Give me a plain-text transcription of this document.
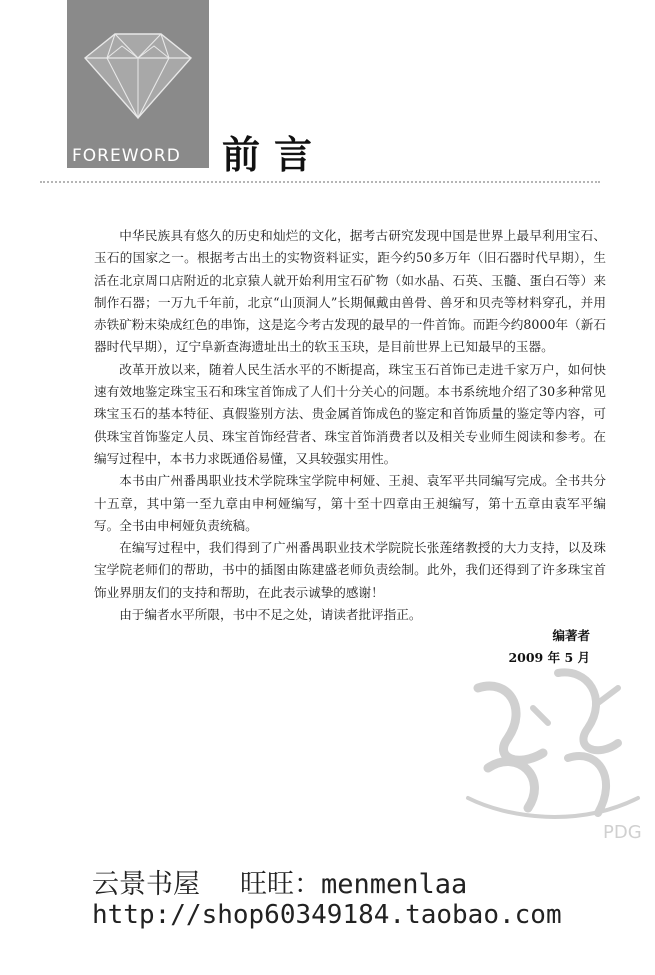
FOREWORD 前言

中华民族具有悠久的历史和灿烂的文化，据考古研究发现中国是世界上最早利用宝石、玉石的国家之一。根据考古出土的实物资料证实，距今约50多万年（旧石器时代早期），生活在北京周口店附近的北京猿人就开始利用宝石矿物（如水晶、石英、玉髓、蛋白石等）来制作石器；一万九千年前，北京“山顶洞人”长期佩戴由兽骨、兽牙和贝壳等材料穿孔，并用赤铁矿粉末染成红色的串饰，这是迄今考古发现的最早的一件首饰。而距今约8000年（新石器时代早期），辽宁阜新查海遗址出土的软玉玉玦，是目前世界上已知最早的玉器。

改革开放以来，随着人民生活水平的不断提高，珠宝玉石首饰已走进千家万户，如何快速有效地鉴定珠宝玉石和珠宝首饰成了人们十分关心的问题。本书系统地介绍了30多种常见珠宝玉石的基本特征、真假鉴别方法、贵金属首饰成色的鉴定和首饰质量的鉴定等内容，可供珠宝首饰鉴定人员、珠宝首饰经营者、珠宝首饰消费者以及相关专业师生阅读和参考。在编写过程中，本书力求既通俗易懂，又具较强实用性。

本书由广州番禺职业技术学院珠宝学院申柯娅、王昶、袁军平共同编写完成。全书共分十五章，其中第一至九章由申柯娅编写，第十至十四章由王昶编写，第十五章由袁军平编写。全书由申柯娅负责统稿。

在编写过程中，我们得到了广州番禺职业技术学院院长张莲绪教授的大力支持，以及珠宝学院老师们的帮助，书中的插图由陈建盛老师负责绘制。此外，我们还得到了许多珠宝首饰业界朋友们的支持和帮助，在此表示诚挚的感谢！

由于编者水平所限，书中不足之处，请读者批评指正。

编著者
2009 年 5 月
PDG
云景书屋 旺旺：menmenlaa
http://shop60349184.taobao.com
